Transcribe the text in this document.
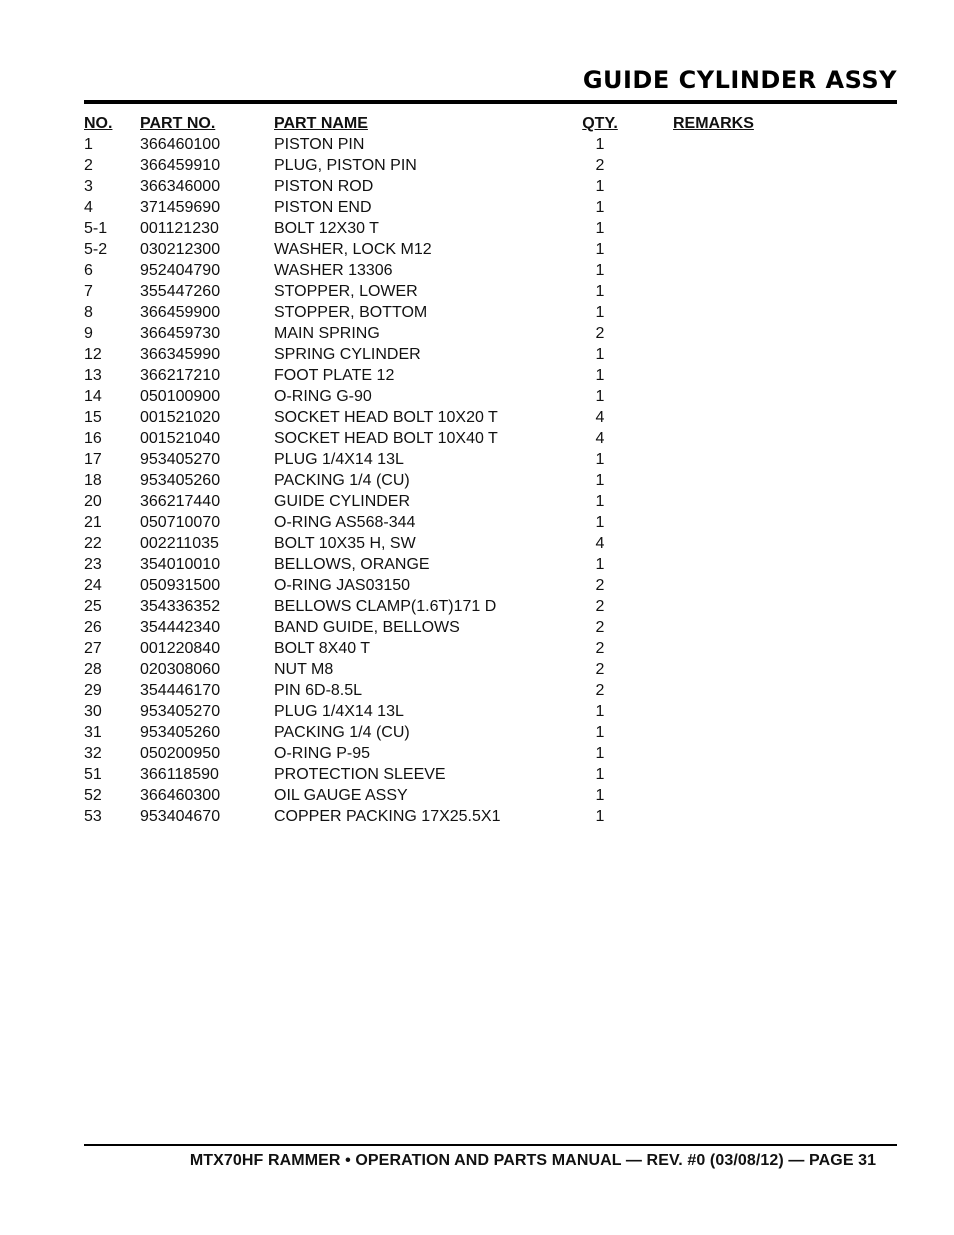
GUIDE CYLINDER ASSY
NO. PART NO.	PART NAME	QTY.	REMARKS
1	366460100	PISTON PIN	1
2	366459910	PLUG, PISTON PIN	2
3	366346000	PISTON ROD	1
4	371459690	PISTON END	1
5-1 001121230	BOLT 12X30 T	1
5-2 030212300	WASHER, LOCK M12	1
6	952404790	WASHER 13306	1
7	355447260	STOPPER, LOWER	1
8	366459900	STOPPER, BOTTOM	1
9	366459730	MAIN SPRING	2
12 366345990	SPRING CYLINDER	1
13 366217210	FOOT PLATE 12	1
14 050100900	O-RING G-90	1
15 001521020	SOCKET HEAD BOLT 10X20 T	4
16 001521040	SOCKET HEAD BOLT 10X40 T	4
17 953405270	PLUG 1/4X14 13L	1
18 953405260	PACKING 1/4 (CU)	1
20 366217440	GUIDE CYLINDER	1
21 050710070	O-RING AS568-344	1
22 002211035	BOLT 10X35 H, SW	4
23 354010010	BELLOWS, ORANGE	1
24 050931500	O-RING JAS03150	2
25 354336352	BELLOWS CLAMP(1.6T)171 D	2
26 354442340	BAND GUIDE, BELLOWS	2
27 001220840	BOLT 8X40 T	2
28 020308060	NUT M8	2
29 354446170	PIN 6D-8.5L	2
30 953405270	PLUG 1/4X14 13L	1
31 953405260	PACKING 1/4 (CU)	1
32 050200950	O-RING P-95	1
51 366118590	PROTECTION SLEEVE	1
52 366460300	OIL GAUGE ASSY	1
53 953404670	COPPER PACKING 17X25.5X1	1
MTX70HF RAMMER • OPERATION AND PARTS MANUAL — REV. #0 (03/08/12) — PAGE 31
